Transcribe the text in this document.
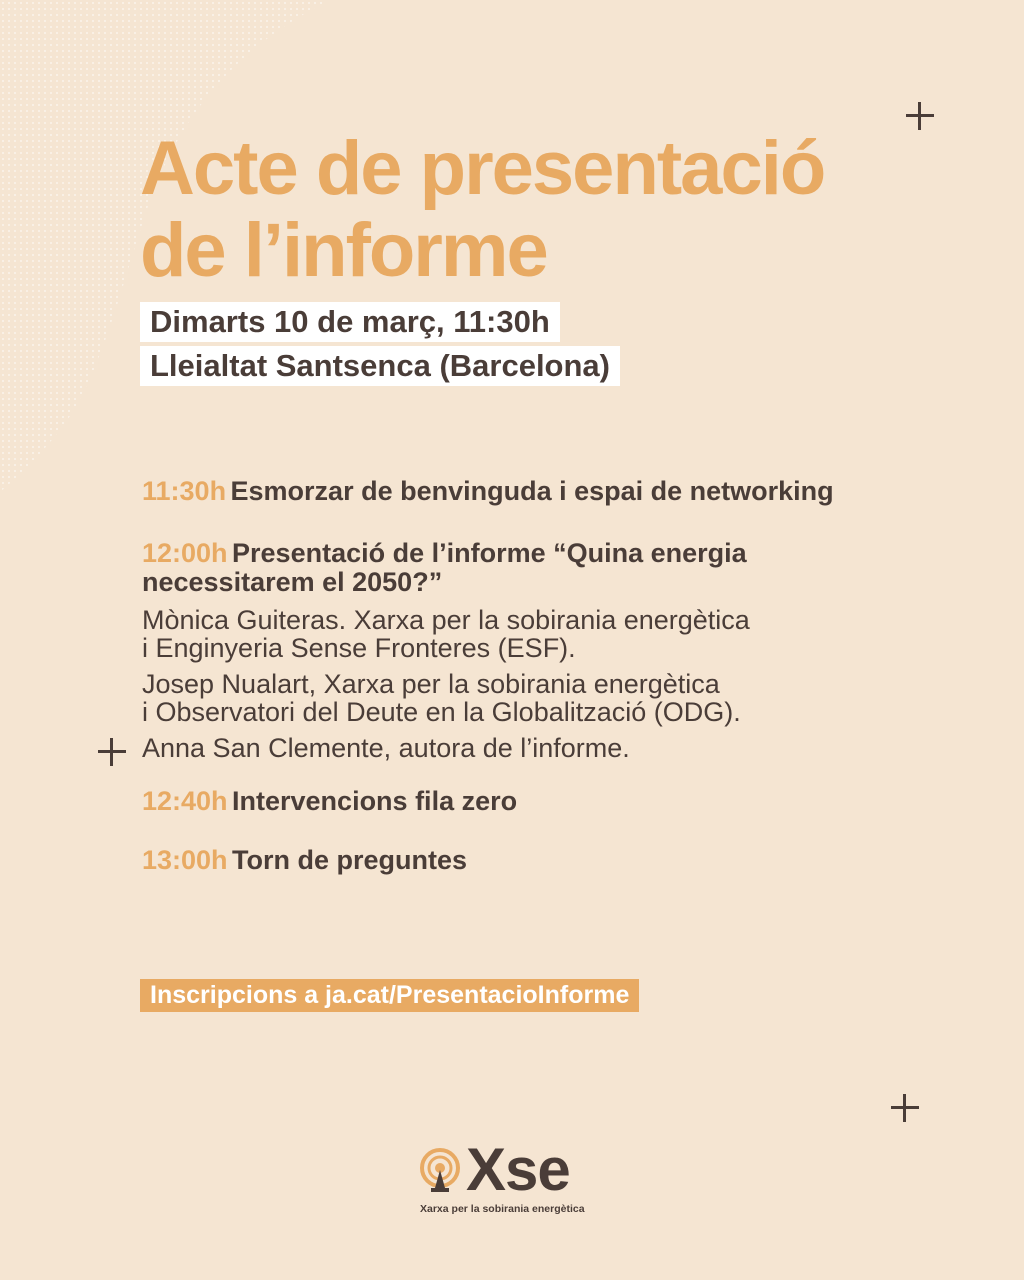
Acte de presentació
de l’informe
Dimarts 10 de març, 11:30h
Lleialtat Santsenca (Barcelona)
11:30h Esmorzar de benvinguda i espai de networking
12:00h Presentació de l’informe “Quina energia
necessitarem el 2050?”
Mònica Guiteras. Xarxa per la sobirania energètica
i Enginyeria Sense Fronteres (ESF).
Josep Nualart, Xarxa per la sobirania energètica
i Observatori del Deute en la Globalització (ODG).
Anna San Clemente, autora de l’informe.
12:40h Intervencions fila zero
13:00h Torn de preguntes
Inscripcions a ja.cat/PresentacioInforme
Xse
Xarxa per la sobirania energètica
